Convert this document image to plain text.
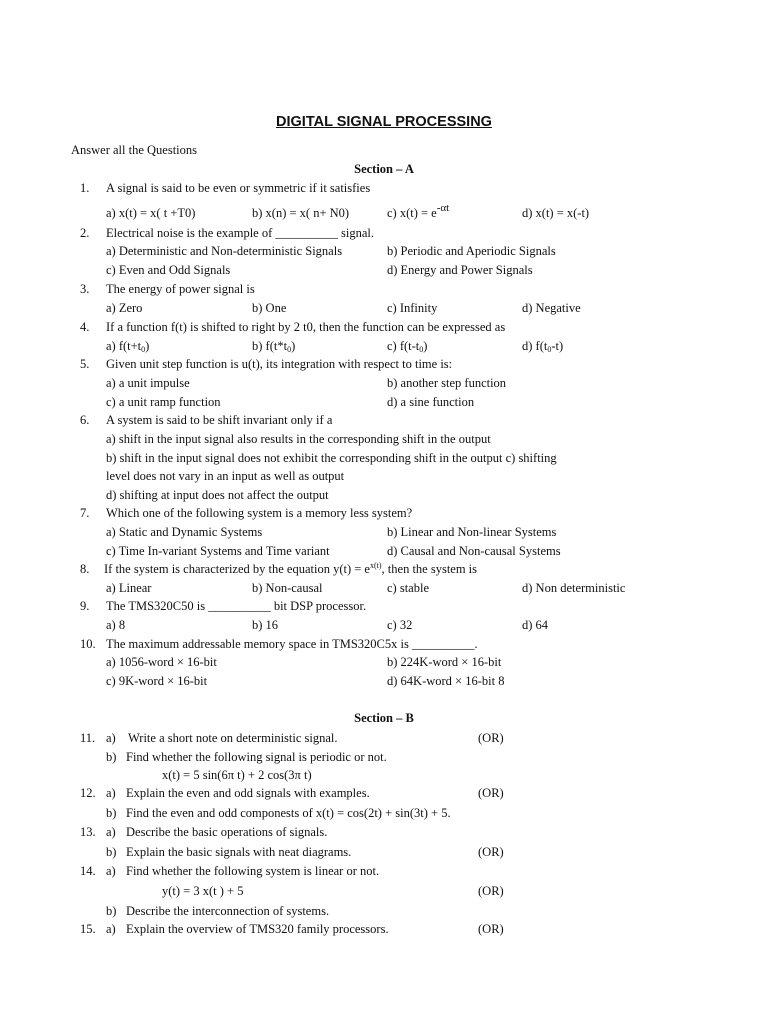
DIGITAL SIGNAL PROCESSING
Answer all the Questions
Section – A
1. A signal is said to be even or symmetric if it satisfies
a) x(t) = x( t +T0)	b) x(n) = x( n+ N0)	c) $x(t) = e^{-\alpha t}$	d) x(t) = x(-t)
2. Electrical noise is the example of __________ signal.
a) Deterministic and Non-deterministic Signals	b) Periodic and Aperiodic Signals
c) Even and Odd Signals	d) Energy and Power Signals
3. The energy of power signal is
a) Zero	b) One	c) Infinity	d) Negative
4. If a function f(t) is shifted to right by 2 t0, then the function can be expressed as
a) $f(t+t_0)$	b) $f(t*t_0)$	c) $f(t-t_0)$	d) $f(t_0-t)$
5. Given unit step function is u(t), its integration with respect to time is:
a) a unit impulse	b) another step function
c) a unit ramp function	d) a sine function
6. A system is said to be shift invariant only if a
a) shift in the input signal also results in the corresponding shift in the output
b) shift in the input signal does not exhibit the corresponding shift in the output c) shifting
level does not vary in an input as well as output
d) shifting at input does not affect the output
7. Which one of the following system is a memory less system?
a) Static and Dynamic Systems	b) Linear and Non-linear Systems
c) Time In-variant Systems and Time variant	d) Causal and Non-causal Systems
8. If the system is characterized by the equation $y(t) = e^{x(t)}$, then the system is
a) Linear	b) Non-causal	c) stable	d) Non deterministic
9. The TMS320C50 is __________ bit DSP processor.
a) 8	b) 16	c) 32	d) 64
10. The maximum addressable memory space in TMS320C5x is __________.
a) 1056-word × 16-bit	b) 224K-word × 16-bit
c) 9K-word × 16-bit	d) 64K-word × 16-bit 8
Section – B
11. a) Write a short note on deterministic signal.	(OR)
b) Find whether the following signal is periodic or not.
x(t) = 5 sin(6π t) + 2 cos(3π t)
12. a) Explain the even and odd signals with examples.	(OR)
b) Find the even and odd componests of x(t) = cos(2t) + sin(3t) + 5.
13. a) Describe the basic operations of signals.
b) Explain the basic signals with neat diagrams.	(OR)
14. a) Find whether the following system is linear or not.
y(t) = 3 x(t ) + 5	(OR)
b) Describe the interconnection of systems.
15. a) Explain the overview of TMS320 family processors.	(OR)
